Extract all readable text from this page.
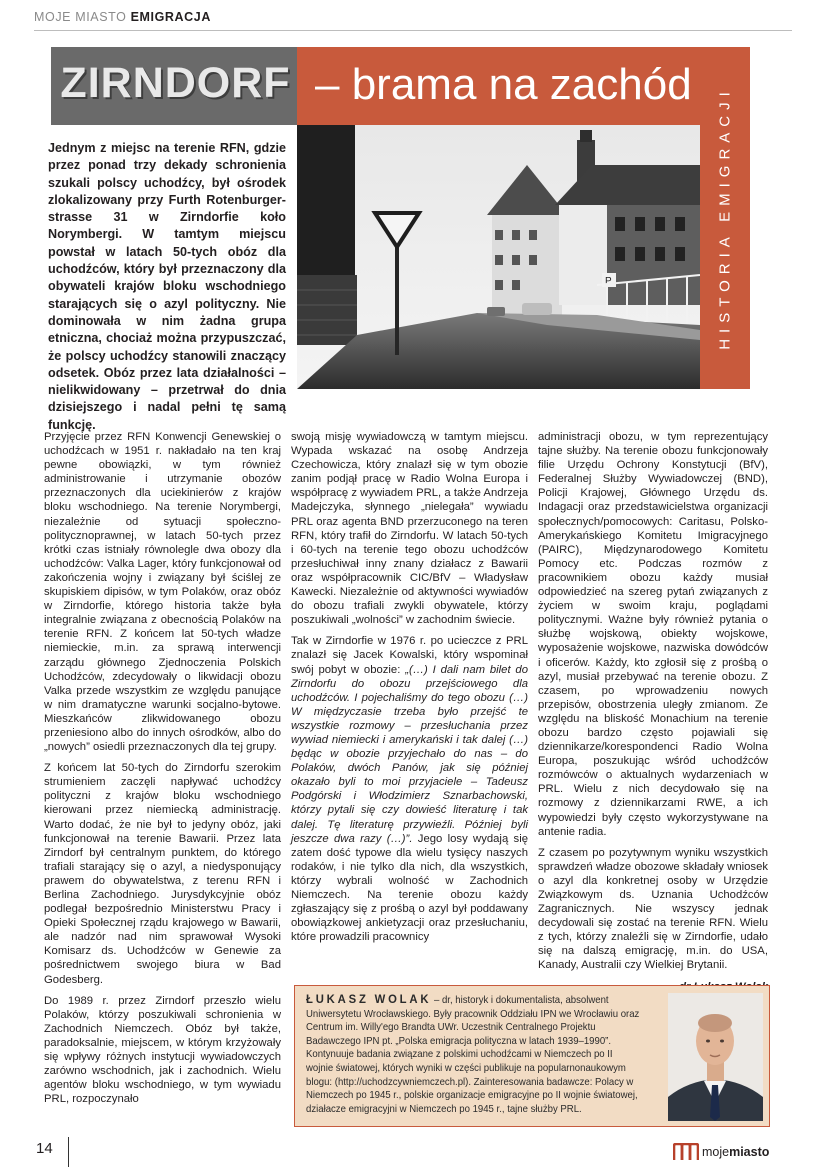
MOJE MIASTO EMIGRACJA
ZIRNDORF – brama na zachód
HISTORIA EMIGRACJI
P

Jednym z miejsc na terenie RFN, gdzie przez ponad trzy dekady schronienia szukali polscy uchodźcy, był ośrodek zlokalizowany przy Furth Rotenburger-strasse 31 w Zirndorfie koło Norymbergi. W tamtym miejscu powstał w latach 50-tych obóz dla uchodźców, który był przeznaczony dla obywateli krajów bloku wschodniego starających się o azyl polityczny. Nie dominowała w nim żadna grupa etniczna, chociaż można przypuszczać, że polscy uchodźcy stanowili znaczący odsetek. Obóz przez lata działalności – nielikwidowany – przetrwał do dnia dzisiejszego i nadal pełni tę samą funkcję.

Przyjęcie przez RFN Konwencji Genewskiej o uchodźcach w 1951 r. nakładało na ten kraj pewne obowiązki, w tym również administrowanie i utrzymanie obozów przeznaczonych dla uciekinierów z krajów bloku wschodniego. Na terenie Norymbergi, niezależnie od sytuacji społeczno-politycznoprawnej, w latach 50-tych przez krótki czas istniały równolegle dwa obozy dla uchodźców: Valka Lager, który funkcjonował od zakończenia wojny i związany był ściślej ze skupiskiem dipisów, w tym Polaków, oraz obóz w Zirndorfie, którego historia także była integralnie związana z obecnością Polaków na terenie RFN. Z końcem lat 50-tych władze niemieckie, m.in. za sprawą interwencji zarządu głównego Zjednoczenia Polskich Uchodźców, zdecydowały o likwidacji obozu Valka przede wszystkim ze względu panujące w nim dramatyczne warunki socjalno-bytowe. Mieszkańców zlikwidowanego obozu przeniesiono albo do innych ośrodków, albo do „nowych” osiedli przeznaczonych dla tej grupy.

Z końcem lat 50-tych do Zirndorfu szerokim strumieniem zaczęli napływać uchodźcy polityczni z krajów bloku wschodniego kierowani przez niemiecką administrację. Warto dodać, że nie był to jedyny obóz, jaki funkcjonował na terenie Bawarii. Przez lata Zirndorf był centralnym punktem, do którego trafiali starający się o azyl, a niedysponujący prawem do obywatelstwa, z terenu RFN i Berlina Zachodniego. Jurysdykcyjnie obóz podlegał bezpośrednio Ministerstwu Pracy i Opieki Społecznej rządu krajowego w Bawarii, ale nadzór nad nim sprawował Wysoki Komisarz ds. Uchodźców w Genewie za pośrednictwem swojego biura w Bad Godesberg.

Do 1989 r. przez Zirndorf przeszło wielu Polaków, którzy poszukiwali schronienia w Zachodnich Niemczech. Obóz był także, paradoksalnie, miejscem, w którym krzyżowały się wpływy różnych instytucji wywiadowczych zarówno wschodnich, jak i zachodnich. Wielu agentów bloku wschodniego, w tym wywiadu PRL, rozpoczynało

swoją misję wywiadowczą w tamtym miejscu. Wypada wskazać na osobę Andrzeja Czechowicza, który znalazł się w tym obozie zanim podjął pracę w Radio Wolna Europa i współpracę z wywiadem PRL, a także Andrzeja Madejczyka, słynnego „nielegała” wywiadu PRL oraz agenta BND przerzuconego na teren RFN, który trafił do Zirndorfu. W latach 50-tych i 60-tych na terenie tego obozu uchodźców przesłuchiwał inny znany działacz z Bawarii oraz współpracownik CIC/BfV – Władysław Kawecki. Niezależnie od aktywności wywiadów do obozu trafiali zwykli obywatele, którzy poszukiwali „wolności” w zachodnim świecie.

Tak w Zirndorfie w 1976 r. po ucieczce z PRL znalazł się Jacek Kowalski, który wspominał swój pobyt w obozie: „(…) I dali nam bilet do Zirndorfu do obozu przejściowego dla uchodźców. I pojechaliśmy do tego obozu (…) W międzyczasie trzeba było przejść te wszystkie rozmowy – przesłuchania przez wywiad niemiecki i amerykański i tak dalej (…) będąc w obozie przyjechało do nas – do Polaków, dwóch Panów, jak się później okazało byli to moi przyjaciele – Tadeusz Podgórski i Włodzimierz Sznarbachowski, którzy pytali się czy dowieść literaturę i tak dalej. Tę literaturę przywieźli. Później byli jeszcze dwa razy (…)”. Jego losy wydają się zatem dość typowe dla wielu tysięcy naszych rodaków, i nie tylko dla nich, dla wszystkich, którzy wybrali wolność w Zachodnich Niemczech. Na terenie obozu każdy zgłaszający się z prośbą o azyl był poddawany obowiązkowej ankietyzacji oraz przesłuchaniu, które prowadzili pracownicy

administracji obozu, w tym reprezentujący tajne służby. Na terenie obozu funkcjonowały filie Urzędu Ochrony Konstytucji (BfV), Federalnej Służby Wywiadowczej (BND), Policji Krajowej, Głównego Urzędu ds. Indagacji oraz przedstawicielstwa organizacji społecznych/pomocowych: Caritasu, Polsko-Amerykańskiego Komitetu Imigracyjnego (PAIRC), Międzynarodowego Komitetu Pomocy etc. Podczas rozmów z pracownikiem obozu każdy musiał odpowiedzieć na szereg pytań związanych z życiem w swoim kraju, poglądami politycznymi. Ważne były również pytania o służbę wojskową, obiekty wojskowe, wyposażenie wojskowe, nazwiska dowódców i oficerów. Każdy, kto zgłosił się z prośbą o azyl, musiał przebywać na terenie obozu. Z czasem, po wprowadzeniu nowych przepisów, obostrzenia uległy zmianom. Ze względu na bliskość Monachium na terenie obozu bardzo często pojawiali się dziennikarze/korespondenci Radio Wolna Europa, poszukując wśród uchodźców rozmówców o aktualnych wydarzeniach w PRL. Wielu z nich decydowało się na rozmowy z dziennikarzami RWE, a ich wypowiedzi były często wykorzystywane na antenie radia.

Z czasem po pozytywnym wyniku wszystkich sprawdzeń władze obozowe składały wniosek o azyl dla konkretnej osoby w Urzędzie Związkowym ds. Uznania Uchodźców Zagranicznych. Nie wszyscy jednak decydowali się zostać na terenie RFN. Wielu z tych, którzy znaleźli się w Zirndorfie, udało się na dalszą emigrację, m.in. do USA, Kanady, Australii czy Wielkiej Brytanii.

ŁUKASZ WOLAK – dr, historyk i dokumentalista, absolwent Uniwersytetu Wrocławskiego. Były pracownik Oddziału IPN we Wrocławiu oraz Centrum im. Willy'ego Brandta UWr. Uczestnik Centralnego Projektu Badawczego IPN pt. „Polska emigracja polityczna w latach 1939–1990”. Kontynuuje badania związane z polskimi uchodźcami w Niemczech po II wojnie światowej, których wyniki w części publikuje na popularnonaukowym blogu: (http://uchodzcywniemczech.pl). Zainteresowania badawcze: Polacy w Niemczech po 1945 r., polskie organizacje emigracyjne po II wojnie światowej, działacze emigracyjni w Niemczech po 1945 r., tajne służby PRL.

14	mojemiasto
